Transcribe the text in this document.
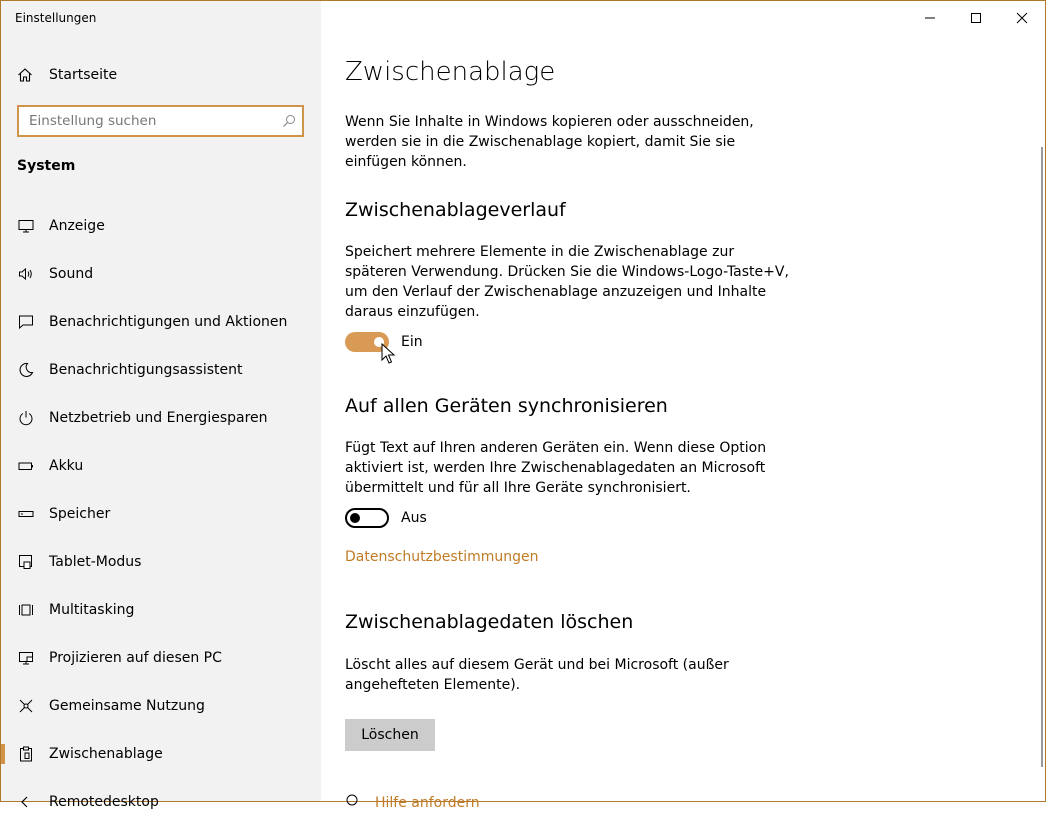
Einstellungen
Startseite
Einstellung suchen
System
Anzeige
Sound
Benachrichtigungen und Aktionen
Benachrichtigungsassistent
Netzbetrieb und Energiesparen
Akku
Speicher
Tablet-Modus
Multitasking
Projizieren auf diesen PC
Gemeinsame Nutzung
Zwischenablage
Remotedesktop
Zwischenablage

Wenn Sie Inhalte in Windows kopieren oder ausschneiden, werden sie in die Zwischenablage kopiert, damit Sie sie einfügen können.

Zwischenablageverlauf

Speichert mehrere Elemente in die Zwischenablage zur späteren Verwendung. Drücken Sie die Windows-Logo-Taste+V, um den Verlauf der Zwischenablage anzuzeigen und Inhalte daraus einzufügen.

Ein
Auf allen Geräten synchronisieren

Fügt Text auf Ihren anderen Geräten ein. Wenn diese Option aktiviert ist, werden Ihre Zwischenablagedaten an Microsoft übermittelt und für all Ihre Geräte synchronisiert.

Aus
Datenschutzbestimmungen
Zwischenablagedaten löschen

Löscht alles auf diesem Gerät und bei Microsoft (außer angehefteten Elemente).

Löschen
Hilfe anfordern
